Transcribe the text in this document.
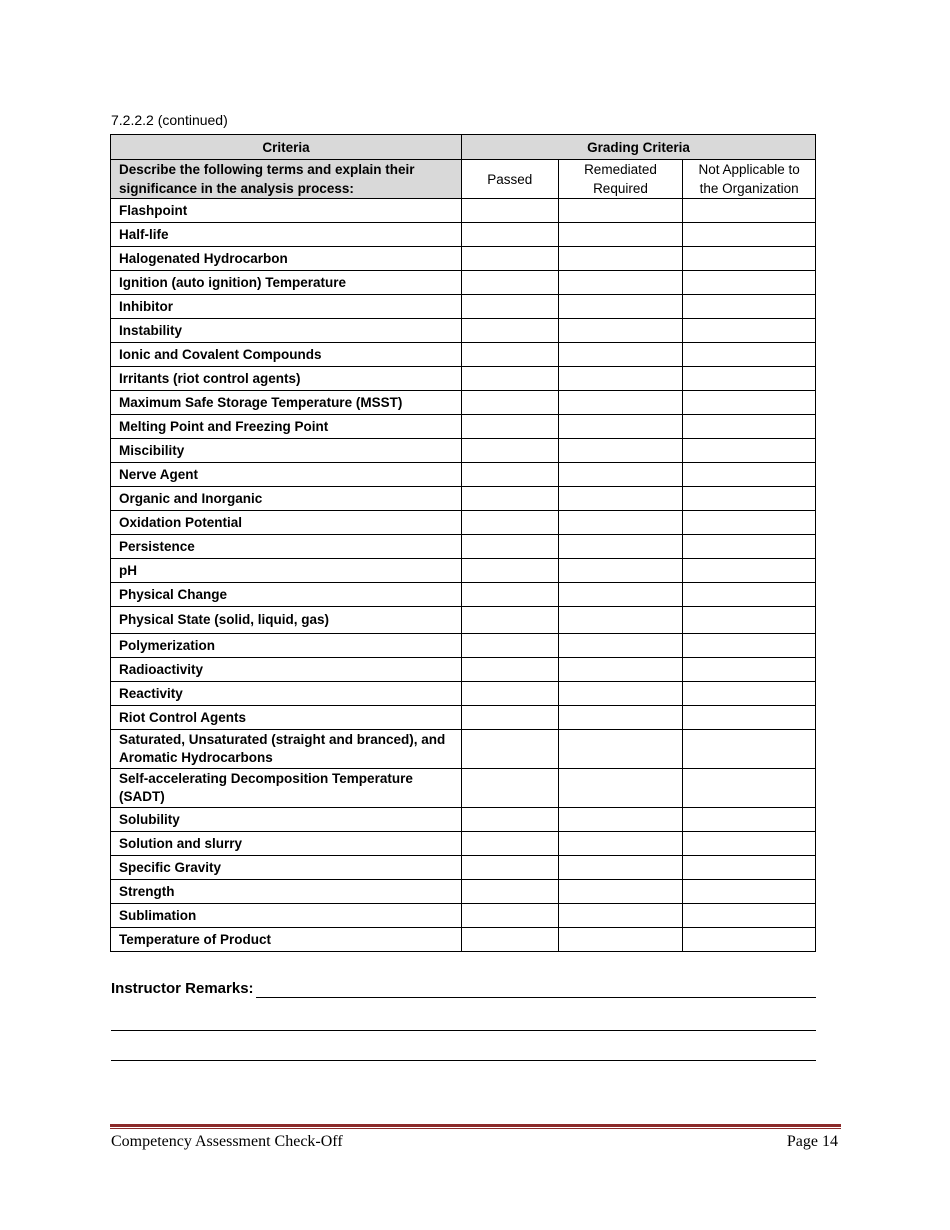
7.2.2.2 (continued)
Criteria	Grading Criteria		
Describe the following terms and explain their significance in the analysis process:	Passed	Remediated Required	Not Applicable to the Organization
Flashpoint			
Half-life			
Halogenated Hydrocarbon			
Ignition (auto ignition) Temperature			
Inhibitor			
Instability			
Ionic and Covalent Compounds			
Irritants (riot control agents)			
Maximum Safe Storage Temperature (MSST)			
Melting Point and Freezing Point			
Miscibility			
Nerve Agent			
Organic and Inorganic			
Oxidation Potential			
Persistence			
pH			
Physical Change			
Physical State (solid, liquid, gas)			
Polymerization			
Radioactivity			
Reactivity			
Riot Control Agents			
Saturated, Unsaturated (straight and branced), and Aromatic Hydrocarbons			
Self-accelerating Decomposition Temperature (SADT)			
Solubility			
Solution and slurry			
Specific Gravity			
Strength			
Sublimation			
Temperature of Product			
Instructor Remarks:
Competency Assessment Check-Off	Page 14
